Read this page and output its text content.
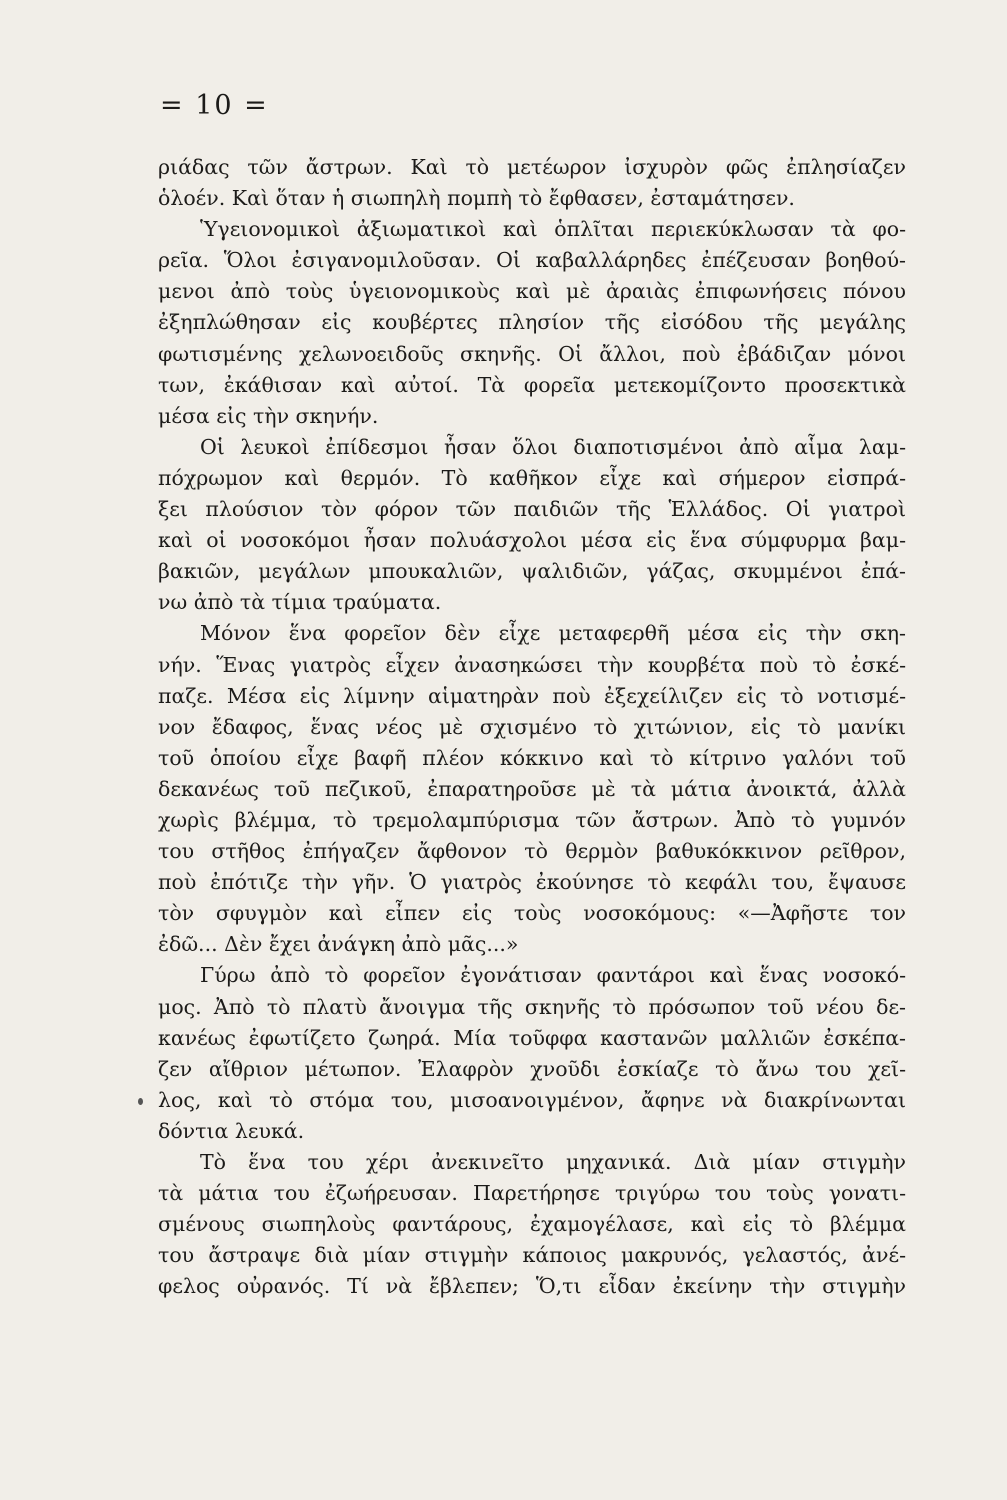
= 10 =
ριάδας τῶν ἄστρων. Καὶ τὸ μετέωρον ἰσχυρὸν φῶς ἐπλησίαζεν
ὁλοέν. Καὶ ὅταν ἡ σιωπηλὴ πομπὴ τὸ ἔφθασεν, ἐσταμάτησεν.
Ὑγειονομικοὶ ἀξιωματικοὶ καὶ ὁπλῖται περιεκύκλωσαν τὰ φο-
ρεῖα. Ὅλοι ἐσιγανομιλοῦσαν. Οἱ καβαλλάρηδες ἐπέζευσαν βοηθού-
μενοι ἀπὸ τοὺς ὑγειονομικοὺς καὶ μὲ ἀραιὰς ἐπιφωνήσεις πόνου
ἐξηπλώθησαν εἰς κουβέρτες πλησίον τῆς εἰσόδου τῆς μεγάλης
φωτισμένης χελωνοειδοῦς σκηνῆς. Οἱ ἄλλοι, ποὺ ἐβάδιζαν μόνοι
των, ἐκάθισαν καὶ αὐτοί. Τὰ φορεῖα μετεκομίζοντο προσεκτικὰ
μέσα εἰς τὴν σκηνήν.
Οἱ λευκοὶ ἐπίδεσμοι ἦσαν ὅλοι διαποτισμένοι ἀπὸ αἷμα λαμ-
πόχρωμον καὶ θερμόν. Τὸ καθῆκον εἶχε καὶ σήμερον εἰσπρά-
ξει πλούσιον τὸν φόρον τῶν παιδιῶν τῆς Ἑλλάδος. Οἱ γιατροὶ
καὶ οἱ νοσοκόμοι ἦσαν πολυάσχολοι μέσα εἰς ἕνα σύμφυρμα βαμ-
βακιῶν, μεγάλων μπουκαλιῶν, ψαλιδιῶν, γάζας, σκυμμένοι ἐπά-
νω ἀπὸ τὰ τίμια τραύματα.
Μόνον ἕνα φορεῖον δὲν εἶχε μεταφερθῆ μέσα εἰς τὴν σκη-
νήν. Ἕνας γιατρὸς εἶχεν ἀνασηκώσει τὴν κουρβέτα ποὺ τὸ ἐσκέ-
παζε. Μέσα εἰς λίμνην αἱματηρὰν ποὺ ἐξεχείλιζεν εἰς τὸ νοτισμέ-
νον ἔδαφος, ἕνας νέος μὲ σχισμένο τὸ χιτώνιον, εἰς τὸ μανίκι
τοῦ ὁποίου εἶχε βαφῆ πλέον κόκκινο καὶ τὸ κίτρινο γαλόνι τοῦ
δεκανέως τοῦ πεζικοῦ, ἐπαρατηροῦσε μὲ τὰ μάτια ἀνοικτά, ἀλλὰ
χωρὶς βλέμμα, τὸ τρεμολαμπύρισμα τῶν ἄστρων. Ἀπὸ τὸ γυμνόν
του στῆθος ἐπήγαζεν ἄφθονον τὸ θερμὸν βαθυκόκκινον ρεῖθρον,
ποὺ ἐπότιζε τὴν γῆν. Ὁ γιατρὸς ἐκούνησε τὸ κεφάλι του, ἔψαυσε
τὸν σφυγμὸν καὶ εἶπεν εἰς τοὺς νοσοκόμους: «—Ἀφῆστε τον
ἐδῶ... Δὲν ἔχει ἀνάγκη ἀπὸ μᾶς...»
Γύρω ἀπὸ τὸ φορεῖον ἐγονάτισαν φαντάροι καὶ ἕνας νοσοκό-
μος. Ἀπὸ τὸ πλατὺ ἄνοιγμα τῆς σκηνῆς τὸ πρόσωπον τοῦ νέου δε-
κανέως ἐφωτίζετο ζωηρά. Μία τοῦφφα καστανῶν μαλλιῶν ἐσκέπα-
ζεν αἴθριον μέτωπον. Ἐλαφρὸν χνοῦδι ἐσκίαζε τὸ ἄνω του χεῖ-
λος, καὶ τὸ στόμα του, μισοανοιγμένον, ἄφηνε νὰ διακρίνωνται
δόντια λευκά.
Τὸ ἕνα του χέρι ἀνεκινεῖτο μηχανικά. Διὰ μίαν στιγμὴν
τὰ μάτια του ἐζωήρευσαν. Παρετήρησε τριγύρω του τοὺς γονατι-
σμένους σιωπηλοὺς φαντάρους, ἐχαμογέλασε, καὶ εἰς τὸ βλέμμα
του ἄστραψε διὰ μίαν στιγμὴν κάποιος μακρυνός, γελαστός, ἀνέ-
φελος οὐρανός. Τί νὰ ἔβλεπεν; Ὅ,τι εἶδαν ἐκείνην τὴν στιγμὴν
